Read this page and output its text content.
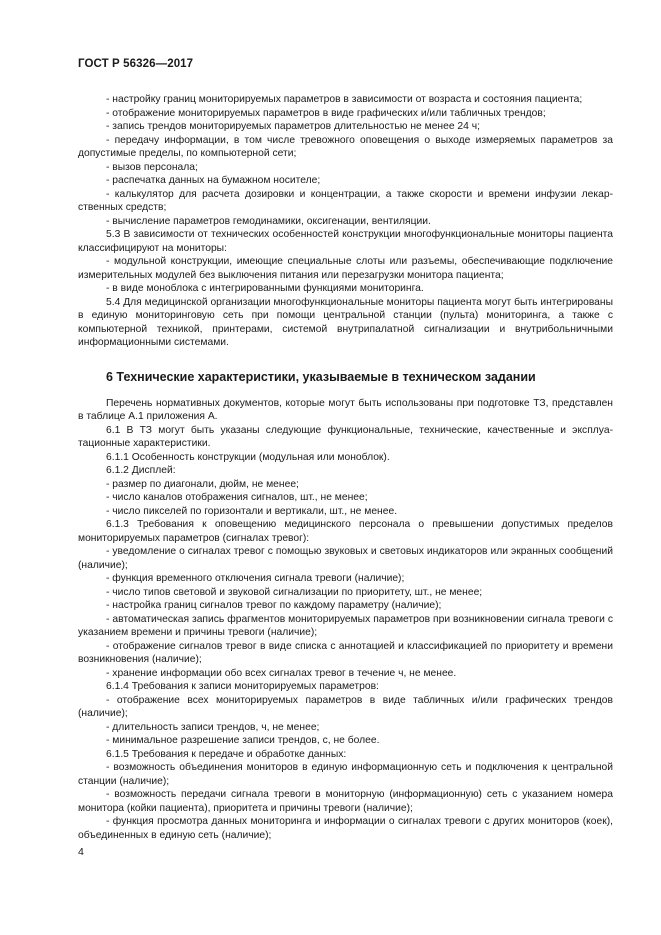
ГОСТ Р 56326—2017

- настройку границ мониторируемых параметров в зависимости от возраста и состояния пациента;

- отображение мониторируемых параметров в виде графических и/или табличных трендов;

- запись трендов мониторируемых параметров длительностью не менее 24 ч;

- передачу информации, в том числе тревожного оповещения о выходе измеряемых параметров за допустимые пределы, по компьютерной сети;

- вызов персонала;

- распечатка данных на бумажном носителе;

- калькулятор для расчета дозировки и концентрации, а также скорости и времени инфузии лекарственных средств;

- вычисление параметров гемодинамики, оксигенации, вентиляции.

5.3 В зависимости от технических особенностей конструкции многофункциональные мониторы пациента классифицируют на мониторы:

- модульной конструкции, имеющие специальные слоты или разъемы, обеспечивающие подключение измерительных модулей без выключения питания или перезагрузки монитора пациента;

- в виде моноблока с интегрированными функциями мониторинга.

5.4 Для медицинской организации многофункциональные мониторы пациента могут быть интегрированы в единую мониторинговую сеть при помощи центральной станции (пульта) мониторинга, а также с компьютерной техникой, принтерами, системой внутрипалатной сигнализации и внутрибольничными информационными системами.

6 Технические характеристики, указываемые в техническом задании

Перечень нормативных документов, которые могут быть использованы при подготовке ТЗ, представлен в таблице А.1 приложения А.

6.1 В ТЗ могут быть указаны следующие функциональные, технические, качественные и эксплуатационные характеристики.

6.1.1 Особенность конструкции (модульная или моноблок).

6.1.2 Дисплей:

- размер по диагонали, дюйм, не менее;

- число каналов отображения сигналов, шт., не менее;

- число пикселей по горизонтали и вертикали, шт., не менее.

6.1.3 Требования к оповещению медицинского персонала о превышении допустимых пределов мониторируемых параметров (сигналах тревог):

- уведомление о сигналах тревог с помощью звуковых и световых индикаторов или экранных сообщений (наличие);

- функция временного отключения сигнала тревоги (наличие);

- число типов световой и звуковой сигнализации по приоритету, шт., не менее;

- настройка границ сигналов тревог по каждому параметру (наличие);

- автоматическая запись фрагментов мониторируемых параметров при возникновении сигнала тревоги с указанием времени и причины тревоги (наличие);

- отображение сигналов тревог в виде списка с аннотацией и классификацией по приоритету и времени возникновения (наличие);

- хранение информации обо всех сигналах тревог в течение ч, не менее.

6.1.4 Требования к записи мониторируемых параметров:

- отображение всех мониторируемых параметров в виде табличных и/или графических трендов (наличие);

- длительность записи трендов, ч, не менее;

- минимальное разрешение записи трендов, с, не более.

6.1.5 Требования к передаче и обработке данных:

- возможность объединения мониторов в единую информационную сеть и подключения к центральной станции (наличие);

- возможность передачи сигнала тревоги в мониторную (информационную) сеть с указанием номера монитора (койки пациента), приоритета и причины тревоги (наличие);

- функция просмотра данных мониторинга и информации о сигналах тревоги с других мониторов (коек), объединенных в единую сеть (наличие);

4
